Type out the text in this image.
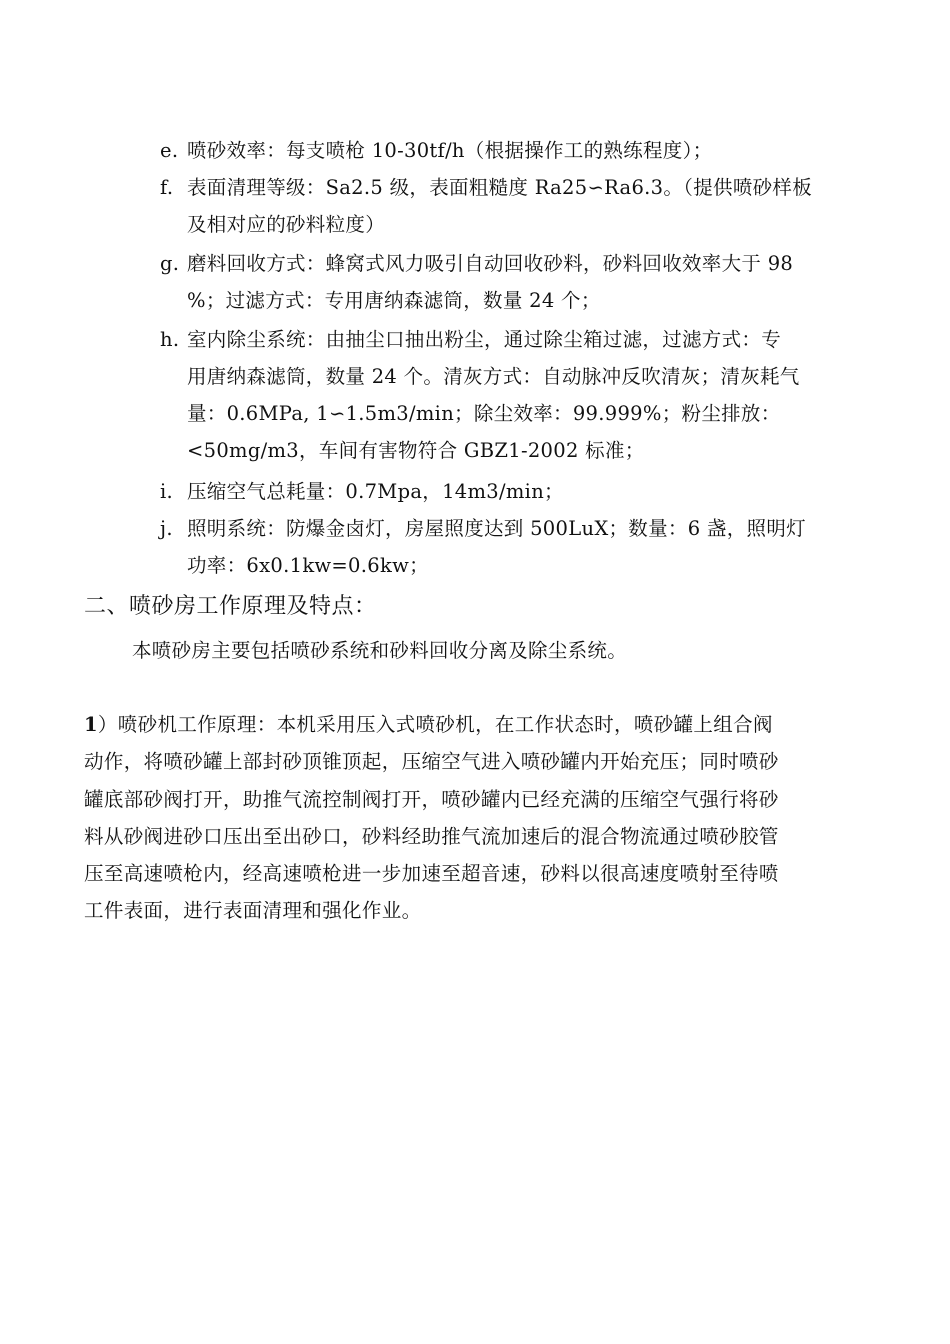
e. 喷砂效率：每支喷枪 10-30tf/h（根据操作工的熟练程度）；
f. 表面清理等级：Sa2.5 级，表面粗糙度 Ra25∽Ra6.3。（提供喷砂样板
及相对应的砂料粒度）
g. 磨料回收方式：蜂窝式风力吸引自动回收砂料，砂料回收效率大于 98
%；过滤方式：专用唐纳森滤筒，数量 24 个；
h. 室内除尘系统：由抽尘口抽出粉尘，通过除尘箱过滤，过滤方式：专
用唐纳森滤筒，数量 24 个。清灰方式：自动脉冲反吹清灰；清灰耗气
量：0.6MPa, 1∽1.5m3/min；除尘效率：99.999%；粉尘排放：
<50mg/m3，车间有害物符合 GBZ1-2002 标准；
i. 压缩空气总耗量：0.7Mpa，14m3/min；
j. 照明系统：防爆金卤灯，房屋照度达到 500LuX；数量：6 盏，照明灯
功率：6x0.1kw=0.6kw；
二、喷砂房工作原理及特点：
本喷砂房主要包括喷砂系统和砂料回收分离及除尘系统。
1）喷砂机工作原理：本机采用压入式喷砂机，在工作状态时，喷砂罐上组合阀
动作，将喷砂罐上部封砂顶锥顶起，压缩空气进入喷砂罐内开始充压；同时喷砂
罐底部砂阀打开，助推气流控制阀打开，喷砂罐内已经充满的压缩空气强行将砂
料从砂阀进砂口压出至出砂口，砂料经助推气流加速后的混合物流通过喷砂胶管
压至高速喷枪内，经高速喷枪进一步加速至超音速，砂料以很高速度喷射至待喷
工件表面，进行表面清理和强化作业。
